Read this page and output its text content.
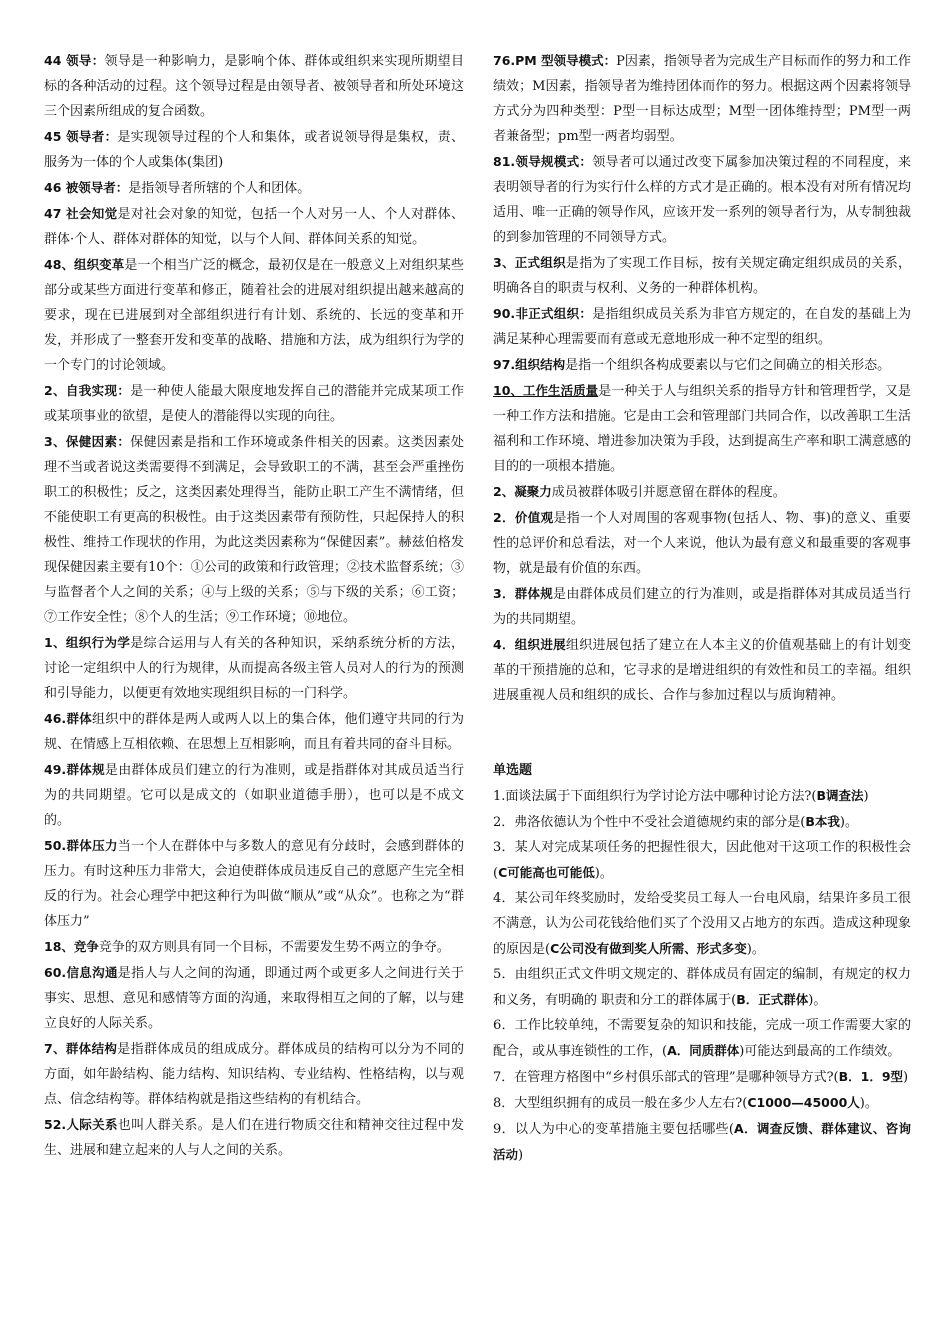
44 领导：领导是一种影响力，是影响个体、群体或组织来实现所期望目标的各种活动的过程。这个领导过程是由领导者、被领导者和所处环境这三个因素所组成的复合函数。
45 领导者：是实现领导过程的个人和集体，或者说领导得是集权，责、服务为一体的个人或集体(集团)
46 被领导者：是指领导者所辖的个人和团体。
47 社会知觉是对社会对象的知觉，包括一个人对另一人、个人对群体、群体·个人、群体对群体的知觉，以与个人间、群体间关系的知觉。
48、组织变革是一个相当广泛的概念，最初仅是在一般意义上对组织某些部分或某些方面进行变革和修正，随着社会的进展对组织提出越来越高的要求，现在已进展到对全部组织进行有计划、系统的、长远的变革和开发，并形成了一整套开发和变革的战略、措施和方法，成为组织行为学的一个专门的讨论领域。
2、自我实现：是一种使人能最大限度地发挥自己的潜能并完成某项工作或某项事业的欲望，是使人的潜能得以实现的向往。
3、保健因素：保健因素是指和工作环境或条件相关的因素。这类因素处理不当或者说这类需要得不到满足，会导致职工的不满，甚至会严重挫伤职工的积极性；反之，这类因素处理得当，能防止职工产生不满情绪，但不能使职工有更高的积极性。由于这类因素带有预防性，只起保持人的积极性、维持工作现状的作用，为此这类因素称为“保健因素”。赫兹伯格发现保健因素主要有10个：①公司的政策和行政管理；②技术监督系统；③与监督者个人之间的关系；④与上级的关系；⑤与下级的关系；⑥工资；⑦工作安全性；⑧个人的生活；⑨工作环境；⑩地位。
1、组织行为学是综合运用与人有关的各种知识，采纳系统分析的方法，讨论一定组织中人的行为规律，从而提高各级主管人员对人的行为的预测和引导能力，以便更有效地实现组织目标的一门科学。
46.群体组织中的群体是两人或两人以上的集合体，他们遵守共同的行为规、在情感上互相依赖、在思想上互相影响，而且有着共同的奋斗目标。
49.群体规是由群体成员们建立的行为准则，或是指群体对其成员适当行为的共同期望。它可以是成文的（如职业道德手册），也可以是不成文的。
50.群体压力当一个人在群体中与多数人的意见有分歧时，会感到群体的压力。有时这种压力非常大，会迫使群体成员违反自己的意愿产生完全相反的行为。社会心理学中把这种行为叫做“顺从”或“从众”。也称之为“群体压力”
18、竞争竞争的双方则具有同一个目标，不需要发生势不两立的争夺。
60.信息沟通是指人与人之间的沟通，即通过两个或更多人之间进行关于事实、思想、意见和感情等方面的沟通，来取得相互之间的了解，以与建立良好的人际关系。
7、群体结构是指群体成员的组成成分。群体成员的结构可以分为不同的方面，如年龄结构、能力结构、知识结构、专业结构、性格结构，以与观点、信念结构等。群体结构就是指这些结构的有机结合。
52.人际关系也叫人群关系。是人们在进行物质交往和精神交往过程中发生、进展和建立起来的人与人之间的关系。
76.PM 型领导模式：P因素，指领导者为完成生产目标而作的努力和工作绩效；M因素，指领导者为维持团体而作的努力。根据这两个因素将领导方式分为四种类型：P型一目标达成型；M型一团体维持型；PM型一两者兼备型；pm型一两者均弱型。
81.领导规模式：领导者可以通过改变下属参加决策过程的不同程度，来表明领导者的行为实行什么样的方式才是正确的。根本没有对所有情况均适用、唯一正确的领导作风，应该开发一系列的领导者行为，从专制独裁的到参加管理的不同领导方式。
3、正式组织是指为了实现工作目标，按有关规定确定组织成员的关系，明确各自的职责与权利、义务的一种群体机构。
90.非正式组织：是指组织成员关系为非官方规定的，在自发的基础上为满足某种心理需要而有意或无意地形成一种不定型的组织。
97.组织结构是指一个组织各构成要素以与它们之间确立的相关形态。
10、工作生活质量是一种关于人与组织关系的指导方针和管理哲学，又是一种工作方法和措施。它是由工会和管理部门共同合作，以改善职工生活福利和工作环境、增进参加决策为手段，达到提高生产率和职工满意感的目的的一项根本措施。
2、凝聚力成员被群体吸引并愿意留在群体的程度。
2．价值观是指一个人对周围的客观事物(包括人、物、事)的意义、重要性的总评价和总看法，对一个人来说，他认为最有意义和最重要的客观事物，就是最有价值的东西。
3．群体规是由群体成员们建立的行为准则，或是指群体对其成员适当行为的共同期望。
4．组织进展组织进展包括了建立在人本主义的价值观基础上的有计划变革的干预措施的总和，它寻求的是增进组织的有效性和员工的幸福。组织进展重视人员和组织的成长、合作与参加过程以与质询精神。
单选题
1.面谈法属于下面组织行为学讨论方法中哪种讨论方法?(B调查法)
2．弗洛依德认为个性中不受社会道德规约束的部分是(B本我)。
3．某人对完成某项任务的把握性很大，因此他对干这项工作的积极性会(C可能高也可能低)。
4．某公司年终奖励时，发给受奖员工每人一台电风扇，结果许多员工很不满意，认为公司花钱给他们买了个没用又占地方的东西。造成这种现象的原因是(C公司没有做到奖人所需、形式多变)。
5．由组织正式文件明文规定的、群体成员有固定的编制，有规定的权力和义务，有明确的 职责和分工的群体属于(B．正式群体)。
6．工作比较单纯，不需要复杂的知识和技能，完成一项工作需要大家的配合，或从事连锁性的工作，(A．同质群体)可能达到最高的工作绩效。
7．在管理方格图中“乡村俱乐部式的管理”是哪种领导方式?(B．1．9型)
8．大型组织拥有的成员一般在多少人左右?(C1000—45000人)。
9．以人为中心的变革措施主要包括哪些(A．调查反馈、群体建议、咨询活动)
